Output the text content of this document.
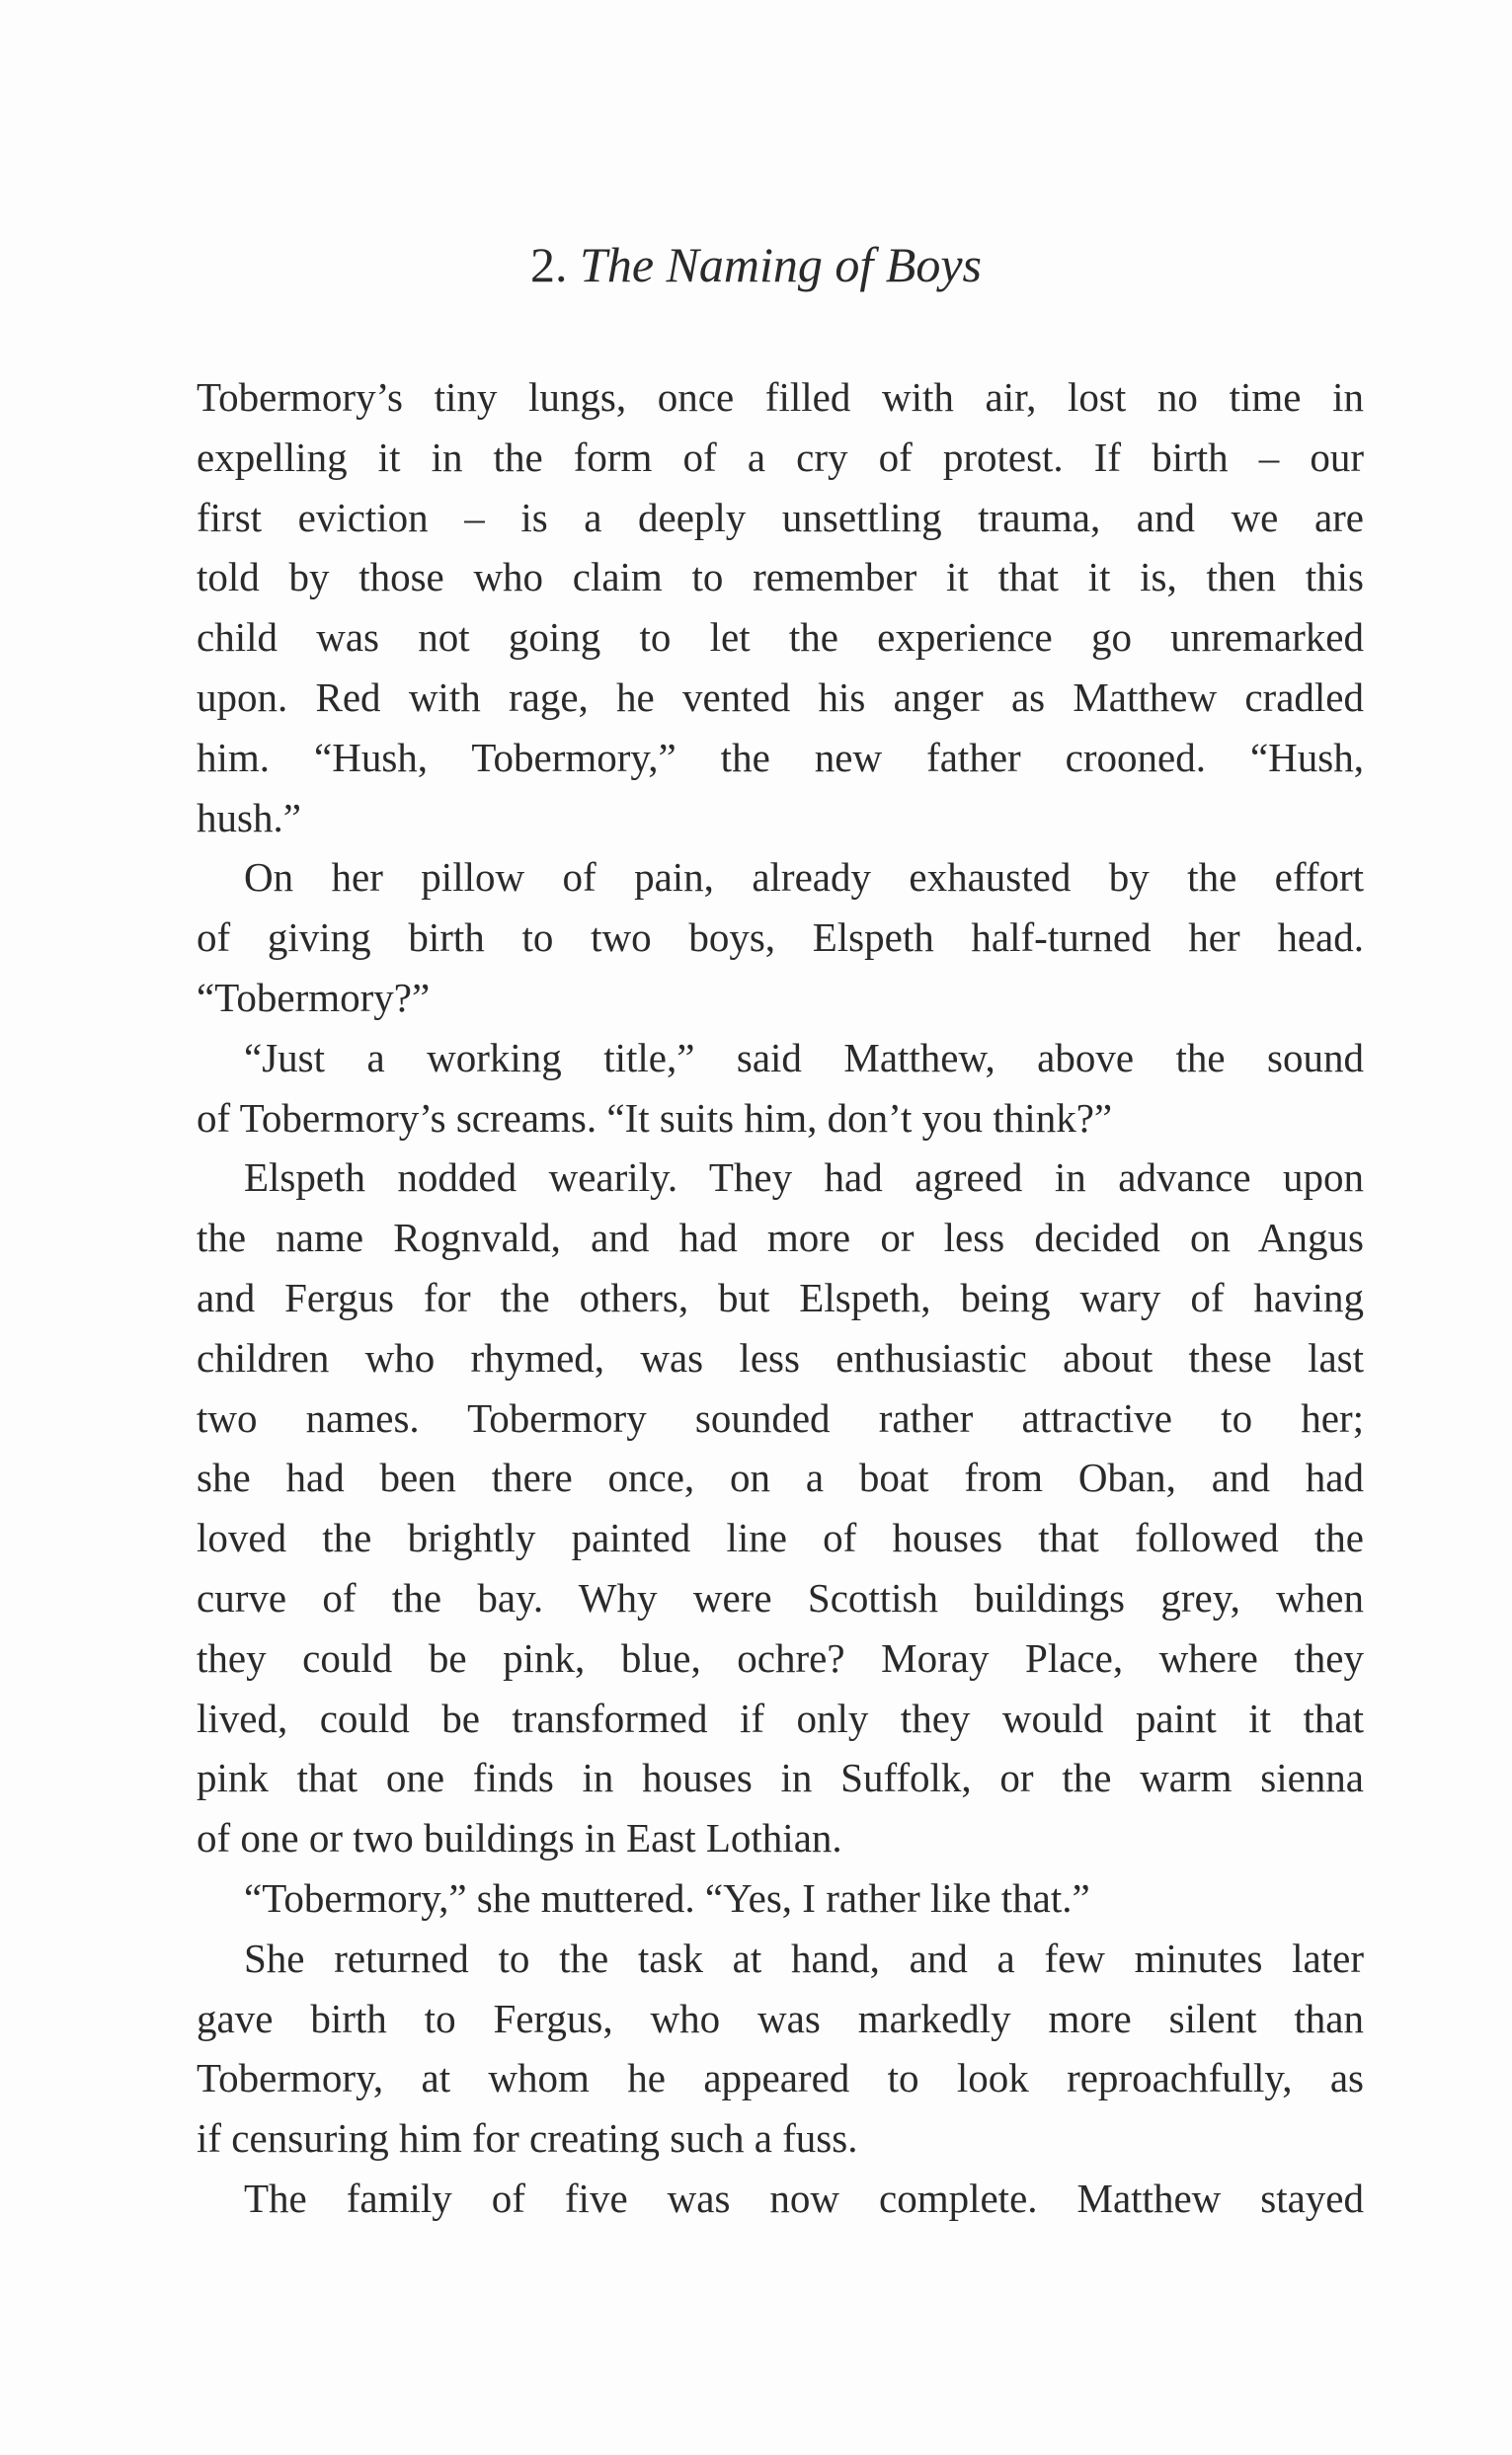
2. The Naming of Boys
Tobermory’s tiny lungs, once filled with air, lost no time in
expelling it in the form of a cry of protest. If birth – our
first eviction – is a deeply unsettling trauma, and we are
told by those who claim to remember it that it is, then this
child was not going to let the experience go unremarked
upon. Red with rage, he vented his anger as Matthew cradled
him. “Hush, Tobermory,” the new father crooned. “Hush,
hush.”
On her pillow of pain, already exhausted by the effort
of giving birth to two boys, Elspeth half-turned her head.
“Tobermory?”
“Just a working title,” said Matthew, above the sound
of Tobermory’s screams. “It suits him, don’t you think?”
Elspeth nodded wearily. They had agreed in advance upon
the name Rognvald, and had more or less decided on Angus
and Fergus for the others, but Elspeth, being wary of having
children who rhymed, was less enthusiastic about these last
two names. Tobermory sounded rather attractive to her;
she had been there once, on a boat from Oban, and had
loved the brightly painted line of houses that followed the
curve of the bay. Why were Scottish buildings grey, when
they could be pink, blue, ochre? Moray Place, where they
lived, could be transformed if only they would paint it that
pink that one finds in houses in Suffolk, or the warm sienna
of one or two buildings in East Lothian.
“Tobermory,” she muttered. “Yes, I rather like that.”
She returned to the task at hand, and a few minutes later
gave birth to Fergus, who was markedly more silent than
Tobermory, at whom he appeared to look reproachfully, as
if censuring him for creating such a fuss.
The family of five was now complete. Matthew stayed
